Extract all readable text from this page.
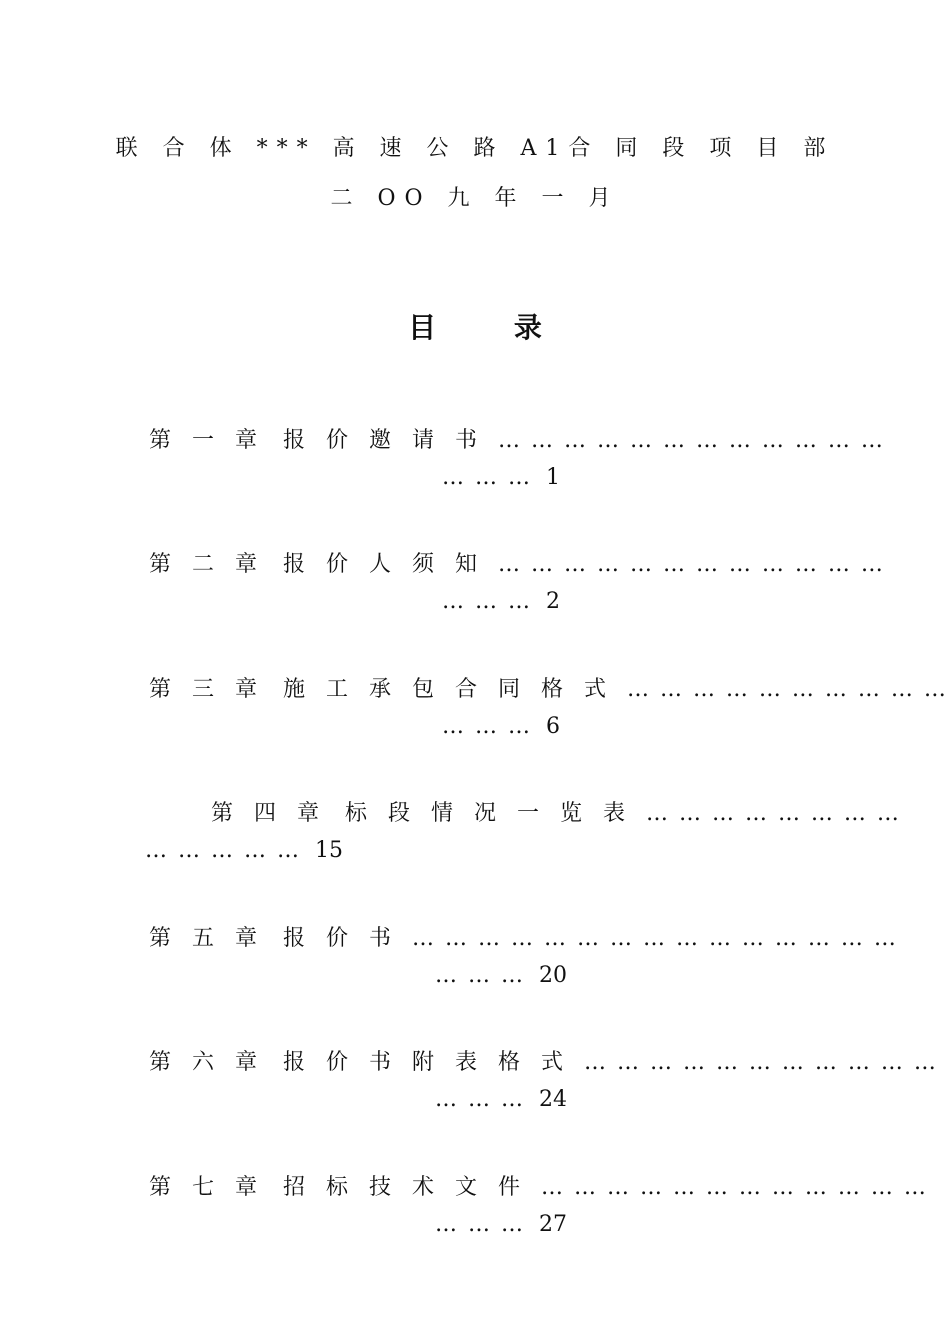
联 合 体 *** 高 速 公 路 A1合 同 段 项 目 部
二 OO 九 年 一 月
目 录

第 一 章 报 价 邀 请 书 … … … … … … … … … … … …

… … … 1

第 二 章 报 价 人 须 知 … … … … … … … … … … … …

… … … 2

第 三 章 施 工 承 包 合 同 格 式 … … … … … … … … … …

… … … 6

第 四 章 标 段 情 况 一 览 表 … … … … … … … …

… … … … … 15

第 五 章 报 价 书 … … … … … … … … … … … … … … …

… … … 20

第 六 章 报 价 书 附 表 格 式 … … … … … … … … … … …

… … … 24

第 七 章 招 标 技 术 文 件 … … … … … … … … … … … …

… … … 27
